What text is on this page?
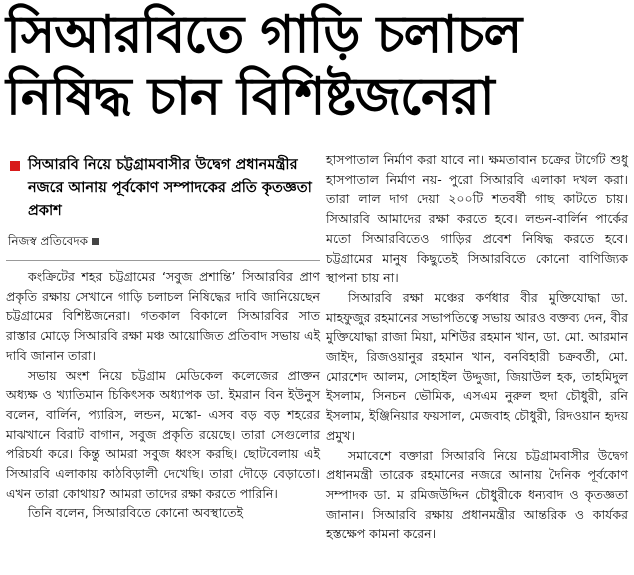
সিআরবিতে গাড়ি চলাচল
নিষিদ্ধ চান বিশিষ্টজনেরা
সিআরবি নিয়ে চট্টগ্রামবাসীর উদ্বেগ প্রধানমন্ত্রীর নজরে আনায় পূর্বকোণ সম্পাদকের প্রতি কৃতজ্ঞতা প্রকাশ
নিজস্ব প্রতিবেদক

কংক্রিটের শহর চট্টগ্রামের ‘সবুজ প্রশান্তি’ সিআরবির প্রাণ প্রকৃতি রক্ষায় সেখানে গাড়ি চলাচল নিষিদ্ধের দাবি জানিয়েছেন চট্টগ্রামের বিশিষ্টজনেরা। গতকাল বিকালে সিআরবির সাত রাস্তার মোড়ে সিআরবি রক্ষা মঞ্চ আয়োজিত প্রতিবাদ সভায় এই দাবি জানান তারা।

সভায় অংশ নিয়ে চট্টগ্রাম মেডিকেল কলেজের প্রাক্তন অধ্যক্ষ ও খ্যাতিমান চিকিৎসক অধ্যাপক ডা. ইমরান বিন ইউনুস বলেন, বার্লিন, প্যারিস, লন্ডন, মস্কো- এসব বড় বড় শহরের মাঝখানে বিরাট বাগান, সবুজ প্রকৃতি রয়েছে। তারা সেগুলোর পরিচর্যা করে। কিন্তু আমরা সবুজ ধ্বংস করছি। ছোটবেলায় এই সিআরবি এলাকায় কাঠবিড়ালী দেখেছি। তারা দৌড়ে বেড়াতো। এখন তারা কোথায়? আমরা তাদের রক্ষা করতে পারিনি।

তিনি বলেন, সিআরবিতে কোনো অবস্থাতেই

হাসপাতাল নির্মাণ করা যাবে না। ক্ষমতাবান চক্রের টার্গেট শুধু হাসপাতাল নির্মাণ নয়- পুরো সিআরবি এলাকা দখল করা। তারা লাল দাগ দেয়া ২০০টি শতবর্ষী গাছ কাটতে চায়। সিআরবি আমাদের রক্ষা করতে হবে। লন্ডন-বার্লিন পার্কের মতো সিআরবিতেও গাড়ির প্রবেশ নিষিদ্ধ করতে হবে। চট্টগ্রামের মানুষ কিছুতেই সিআরবিতে কোনো বাণিজ্যিক স্থাপনা চায় না।

সিআরবি রক্ষা মঞ্চের কর্ণধার বীর মুক্তিযোদ্ধা ডা. মাহফুজুর রহমানের সভাপতিত্বে সভায় আরও বক্তব্য দেন, বীর মুক্তিযোদ্ধা রাজা মিয়া, মশিউর রহমান খান, ডা. মো. আরমান জাইদ, রিজওয়ানুর রহমান খান, বনবিহারী চক্রবর্তী, মো. মোরশেদ আলম, সোহাইল উদ্দুজা, জিয়াউল হক, তাহমিদুল ইসলাম, সিনচন ভৌমিক, এসএম নুরুল হুদা চৌধুরী, রনি ইসলাম, ইঞ্জিনিয়ার ফয়সাল, মেজবাহ চৌধুরী, রিদওয়ান হৃদয় প্রমুখ।

সমাবেশে বক্তারা সিআরবি নিয়ে চট্টগ্রামবাসীর উদ্বেগ প্রধানমন্ত্রী তারেক রহমানের নজরে আনায় দৈনিক পূর্বকোণ সম্পাদক ডা. ম রমিজউদ্দিন চৌধুরীকে ধন্যবাদ ও কৃতজ্ঞতা জানান। সিআরবি রক্ষায় প্রধানমন্ত্রীর আন্তরিক ও কার্যকর হস্তক্ষেপ কামনা করেন।
